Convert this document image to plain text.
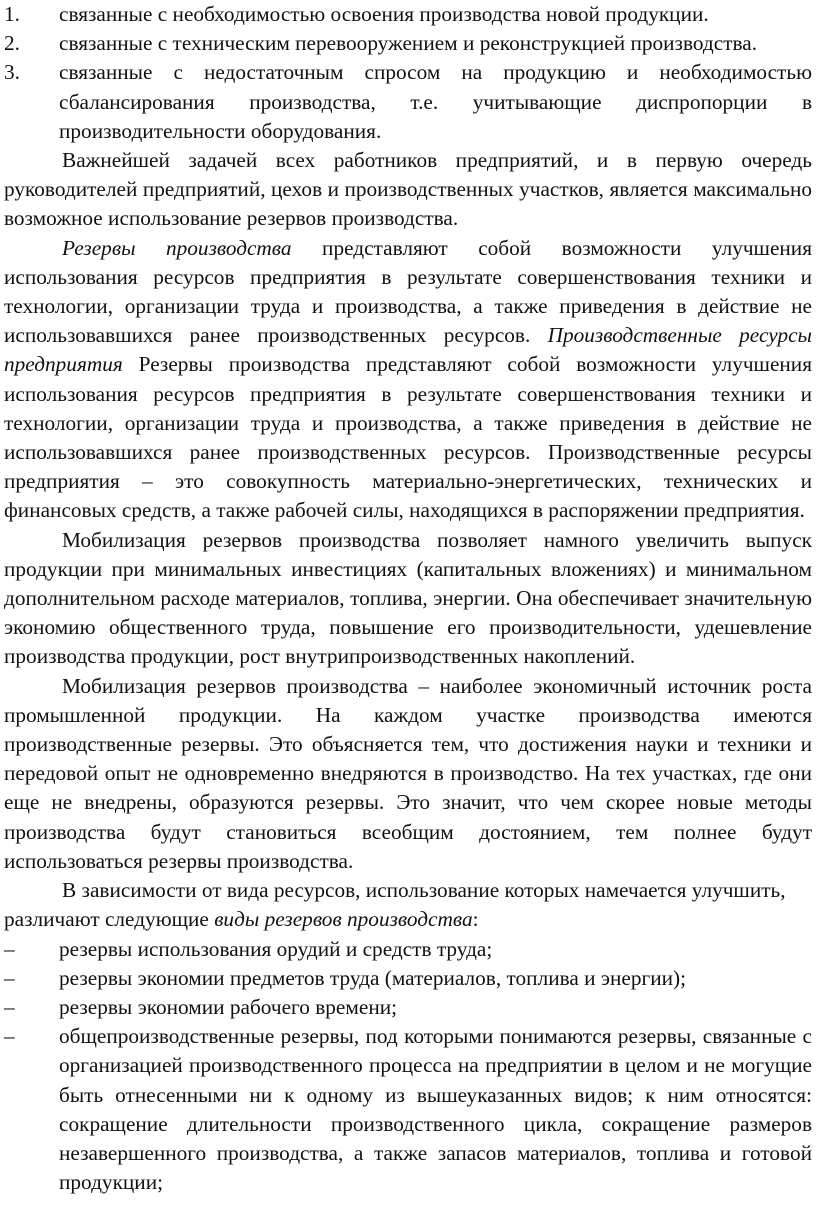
1.	связанные с необходимостью освоения производства новой продукции.
2.	связанные с техническим перевооружением и реконструкцией производства.
3.	связанные с недостаточным спросом на продукцию и необходимостью сбалансирования производства, т.е. учитывающие диспропорции в производительности оборудования.

Важнейшей задачей всех работников предприятий, и в первую очередь руководителей предприятий, цехов и производственных участков, является максимально возможное использование резервов производства.

Резервы производства представляют собой возможности улучшения использования ресурсов предприятия в результате совершенствования техники и технологии, организации труда и производства, а также приведения в действие не использовавшихся ранее производственных ресурсов. Производственные ресурсы предприятия Резервы производства представляют собой возможности улучшения использования ресурсов предприятия в результате совершенствования техники и технологии, организации труда и производства, а также приведения в действие не использовавшихся ранее производственных ресурсов. Производственные ресурсы предприятия – это совокупность материально-энергетических, технических и финансовых средств, а также рабочей силы, находящихся в распоряжении предприятия.

Мобилизация резервов производства позволяет намного увеличить выпуск продукции при минимальных инвестициях (капитальных вложениях) и минимальном дополнительном расходе материалов, топлива, энергии. Она обеспечивает значительную экономию общественного труда, повышение его производительности, удешевление производства продукции, рост внутрипроизводственных накоплений.

Мобилизация резервов производства – наиболее экономичный источник роста промышленной продукции. На каждом участке производства имеются производственные резервы. Это объясняется тем, что достижения науки и техники и передовой опыт не одновременно внедряются в производство. На тех участках, где они еще не внедрены, образуются резервы. Это значит, что чем скорее новые методы производства будут становиться всеобщим достоянием, тем полнее будут использоваться резервы производства.

В зависимости от вида ресурсов, использование которых намечается улучшить, различают следующие виды резервов производства:

–	резервы использования орудий и средств труда;
–	резервы экономии предметов труда (материалов, топлива и энергии);
–	резервы экономии рабочего времени;
–	общепроизводственные резервы, под которыми понимаются резервы, связанные с организацией производственного процесса на предприятии в целом и не могущие быть отнесенными ни к одному из вышеуказанных видов; к ним относятся: сокращение длительности производственного цикла, сокращение размеров незавершенного производства, а также запасов материалов, топлива и готовой продукции;
